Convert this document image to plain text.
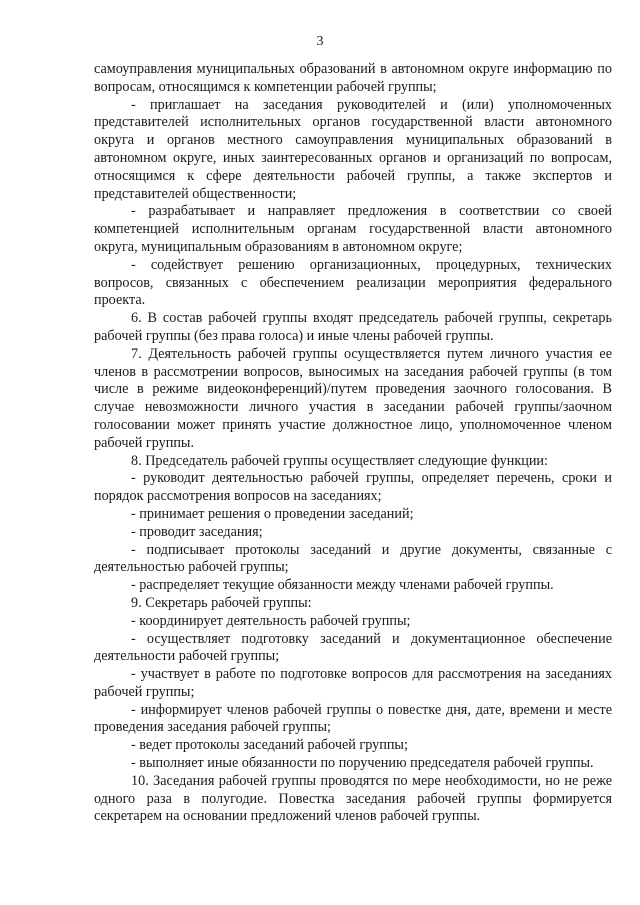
3

самоуправления муниципальных образований в автономном округе информацию по вопросам, относящимся к компетенции рабочей группы;

- приглашает на заседания руководителей и (или) уполномоченных представителей исполнительных органов государственной власти автономного округа и органов местного самоуправления муниципальных образований в автономном округе, иных заинтересованных органов и организаций по вопросам, относящимся к сфере деятельности рабочей группы, а также экспертов и представителей общественности;

- разрабатывает и направляет предложения в соответствии со своей компетенцией исполнительным органам государственной власти автономного округа, муниципальным образованиям в автономном округе;

- содействует решению организационных, процедурных, технических вопросов, связанных с обеспечением реализации мероприятия федерального проекта.

6. В состав рабочей группы входят председатель рабочей группы, секретарь рабочей группы (без права голоса) и иные члены рабочей группы.

7. Деятельность рабочей группы осуществляется путем личного участия ее членов в рассмотрении вопросов, выносимых на заседания рабочей группы (в том числе в режиме видеоконференций)/путем проведения заочного голосования. В случае невозможности личного участия в заседании рабочей группы/заочном голосовании может принять участие должностное лицо, уполномоченное членом рабочей группы.

8. Председатель рабочей группы осуществляет следующие функции:

- руководит деятельностью рабочей группы, определяет перечень, сроки и порядок рассмотрения вопросов на заседаниях;

- принимает решения о проведении заседаний;

- проводит заседания;

- подписывает протоколы заседаний и другие документы, связанные с деятельностью рабочей группы;

- распределяет текущие обязанности между членами рабочей группы.

9. Секретарь рабочей группы:

- координирует деятельность рабочей группы;

- осуществляет подготовку заседаний и документационное обеспечение деятельности рабочей группы;

- участвует в работе по подготовке вопросов для рассмотрения на заседаниях рабочей группы;

- информирует членов рабочей группы о повестке дня, дате, времени и месте проведения заседания рабочей группы;

- ведет протоколы заседаний рабочей группы;

- выполняет иные обязанности по поручению председателя рабочей группы.

10. Заседания рабочей группы проводятся по мере необходимости, но не реже одного раза в полугодие. Повестка заседания рабочей группы формируется секретарем на основании предложений членов рабочей группы.
